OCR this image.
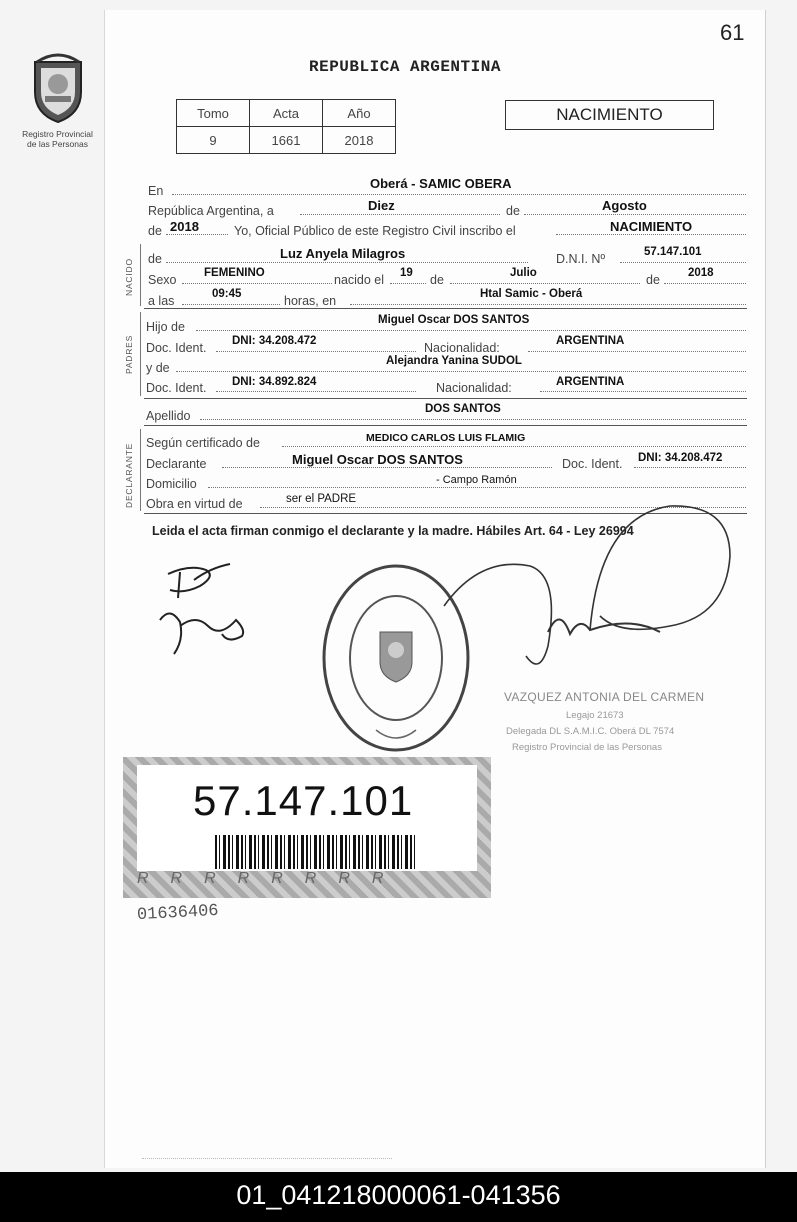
Registro Provincial
de las Personas
REPUBLICA ARGENTINA
61
Tomo	Acta	Año
9	1661	2018
NACIMIENTO
En	Oberá - SAMIC OBERA
República Argentina, a	Diez	de	Agosto
de 2018	Yo, Oficial Público de este Registro Civil inscribo el	NACIMIENTO
NACIDO de	Luz Anyela Milagros	D.N.I. Nº	57.147.101
Sexo FEMENINO	nacido el 19 de	Julio	de 2018
a las	09:45	horas, en	Htal Samic - Oberá
PADRES
Hijo de	Miguel Oscar DOS SANTOS
Doc. Ident. DNI: 34.208.472	Nacionalidad:	ARGENTINA
y de	Alejandra Yanina SUDOL
Doc. Ident. DNI: 34.892.824	Nacionalidad:	ARGENTINA
Apellido	DOS SANTOS
DECLARANTE Según certificado de	MEDICO CARLOS LUIS FLAMIG
Declarante	Miguel Oscar DOS SANTOS	Doc. Ident. DNI: 34.208.472
Domicilio	- Campo Ramón
Obra en virtud de	ser el PADRE
Leida el acta firman conmigo el declarante y la madre. Hábiles Art. 64 - Ley 26994
VAZQUEZ ANTONIA DEL CARMEN
Legajo 21673
Delegada DL S.A.M.I.C. Oberá DL 7574
Registro Provincial de las Personas
57.147.101
RRRRRRRR
01636406
01_041218000061-041356
